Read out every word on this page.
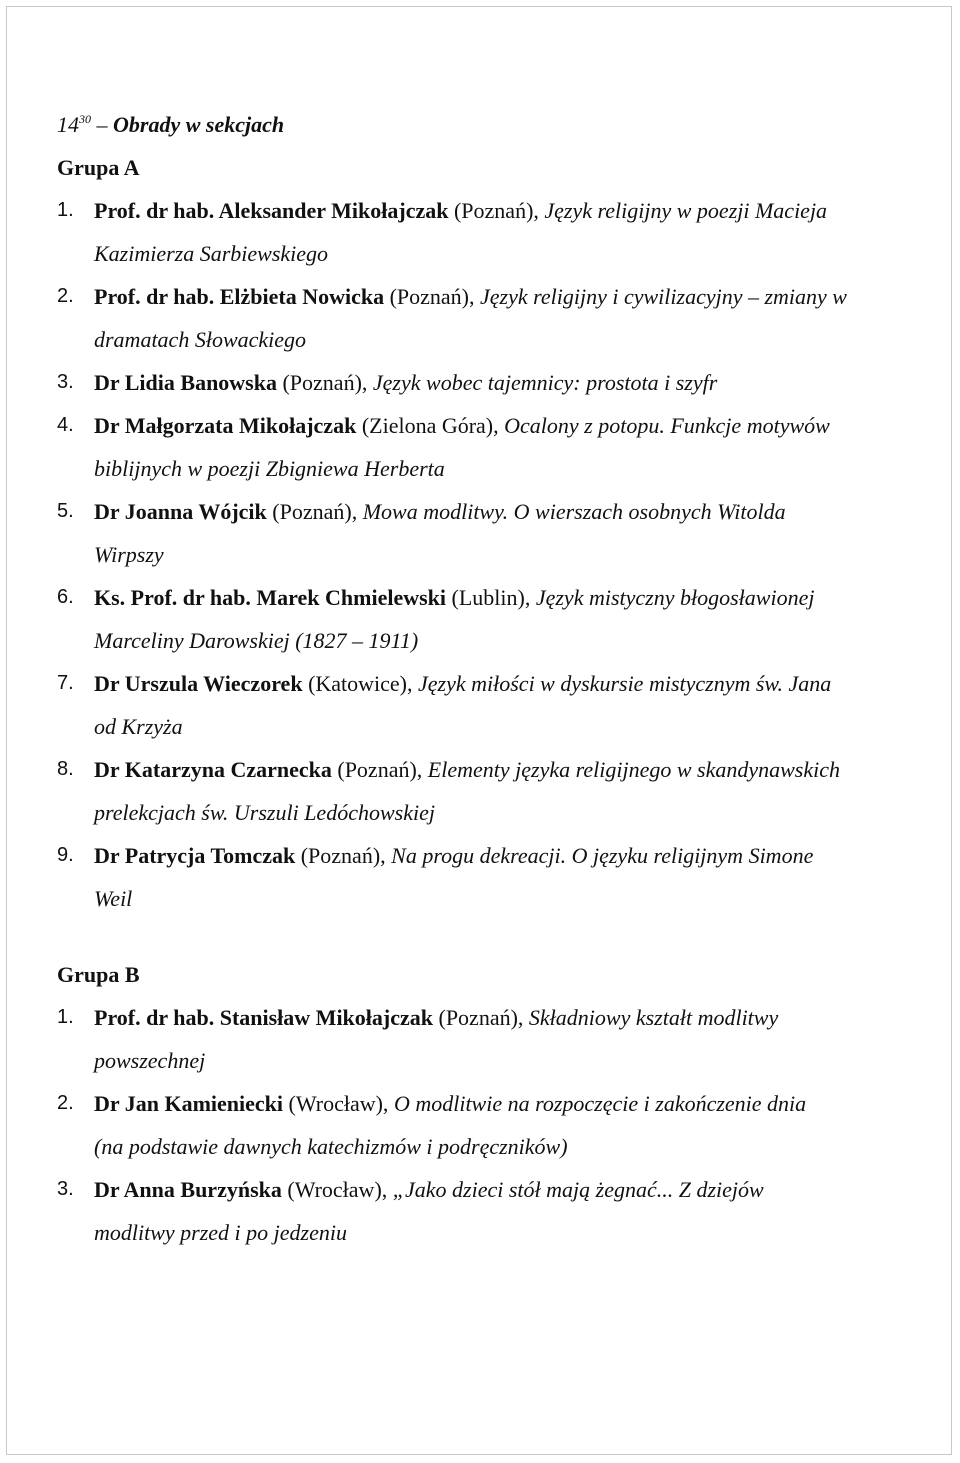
$14^{30}$ – Obrady w sekcjach
Grupa A
1. Prof. dr hab. Aleksander Mikołajczak (Poznań), Język religijny w poezji Macieja
Kazimierza Sarbiewskiego
2. Prof. dr hab. Elżbieta Nowicka (Poznań), Język religijny i cywilizacyjny – zmiany w
dramatach Słowackiego
3. Dr Lidia Banowska (Poznań), Język wobec tajemnicy: prostota i szyfr
4. Dr Małgorzata Mikołajczak (Zielona Góra), Ocalony z potopu. Funkcje motywów
biblijnych w poezji Zbigniewa Herberta
5. Dr Joanna Wójcik (Poznań), Mowa modlitwy. O wierszach osobnych Witolda
Wirpszy
6. Ks. Prof. dr hab. Marek Chmielewski (Lublin), Język mistyczny błogosławionej
Marceliny Darowskiej (1827 – 1911)
7. Dr Urszula Wieczorek (Katowice), Język miłości w dyskursie mistycznym św. Jana
od Krzyża
8. Dr Katarzyna Czarnecka (Poznań), Elementy języka religijnego w skandynawskich
prelekcjach św. Urszuli Ledóchowskiej
9. Dr Patrycja Tomczak (Poznań), Na progu dekreacji. O języku religijnym Simone
Weil
Grupa B
1. Prof. dr hab. Stanisław Mikołajczak (Poznań), Składniowy kształt modlitwy
powszechnej
2. Dr Jan Kamieniecki (Wrocław), O modlitwie na rozpoczęcie i zakończenie dnia
(na podstawie dawnych katechizmów i podręczników)
3. Dr Anna Burzyńska (Wrocław), „Jako dzieci stół mają żegnać... Z dziejów
modlitwy przed i po jedzeniu
